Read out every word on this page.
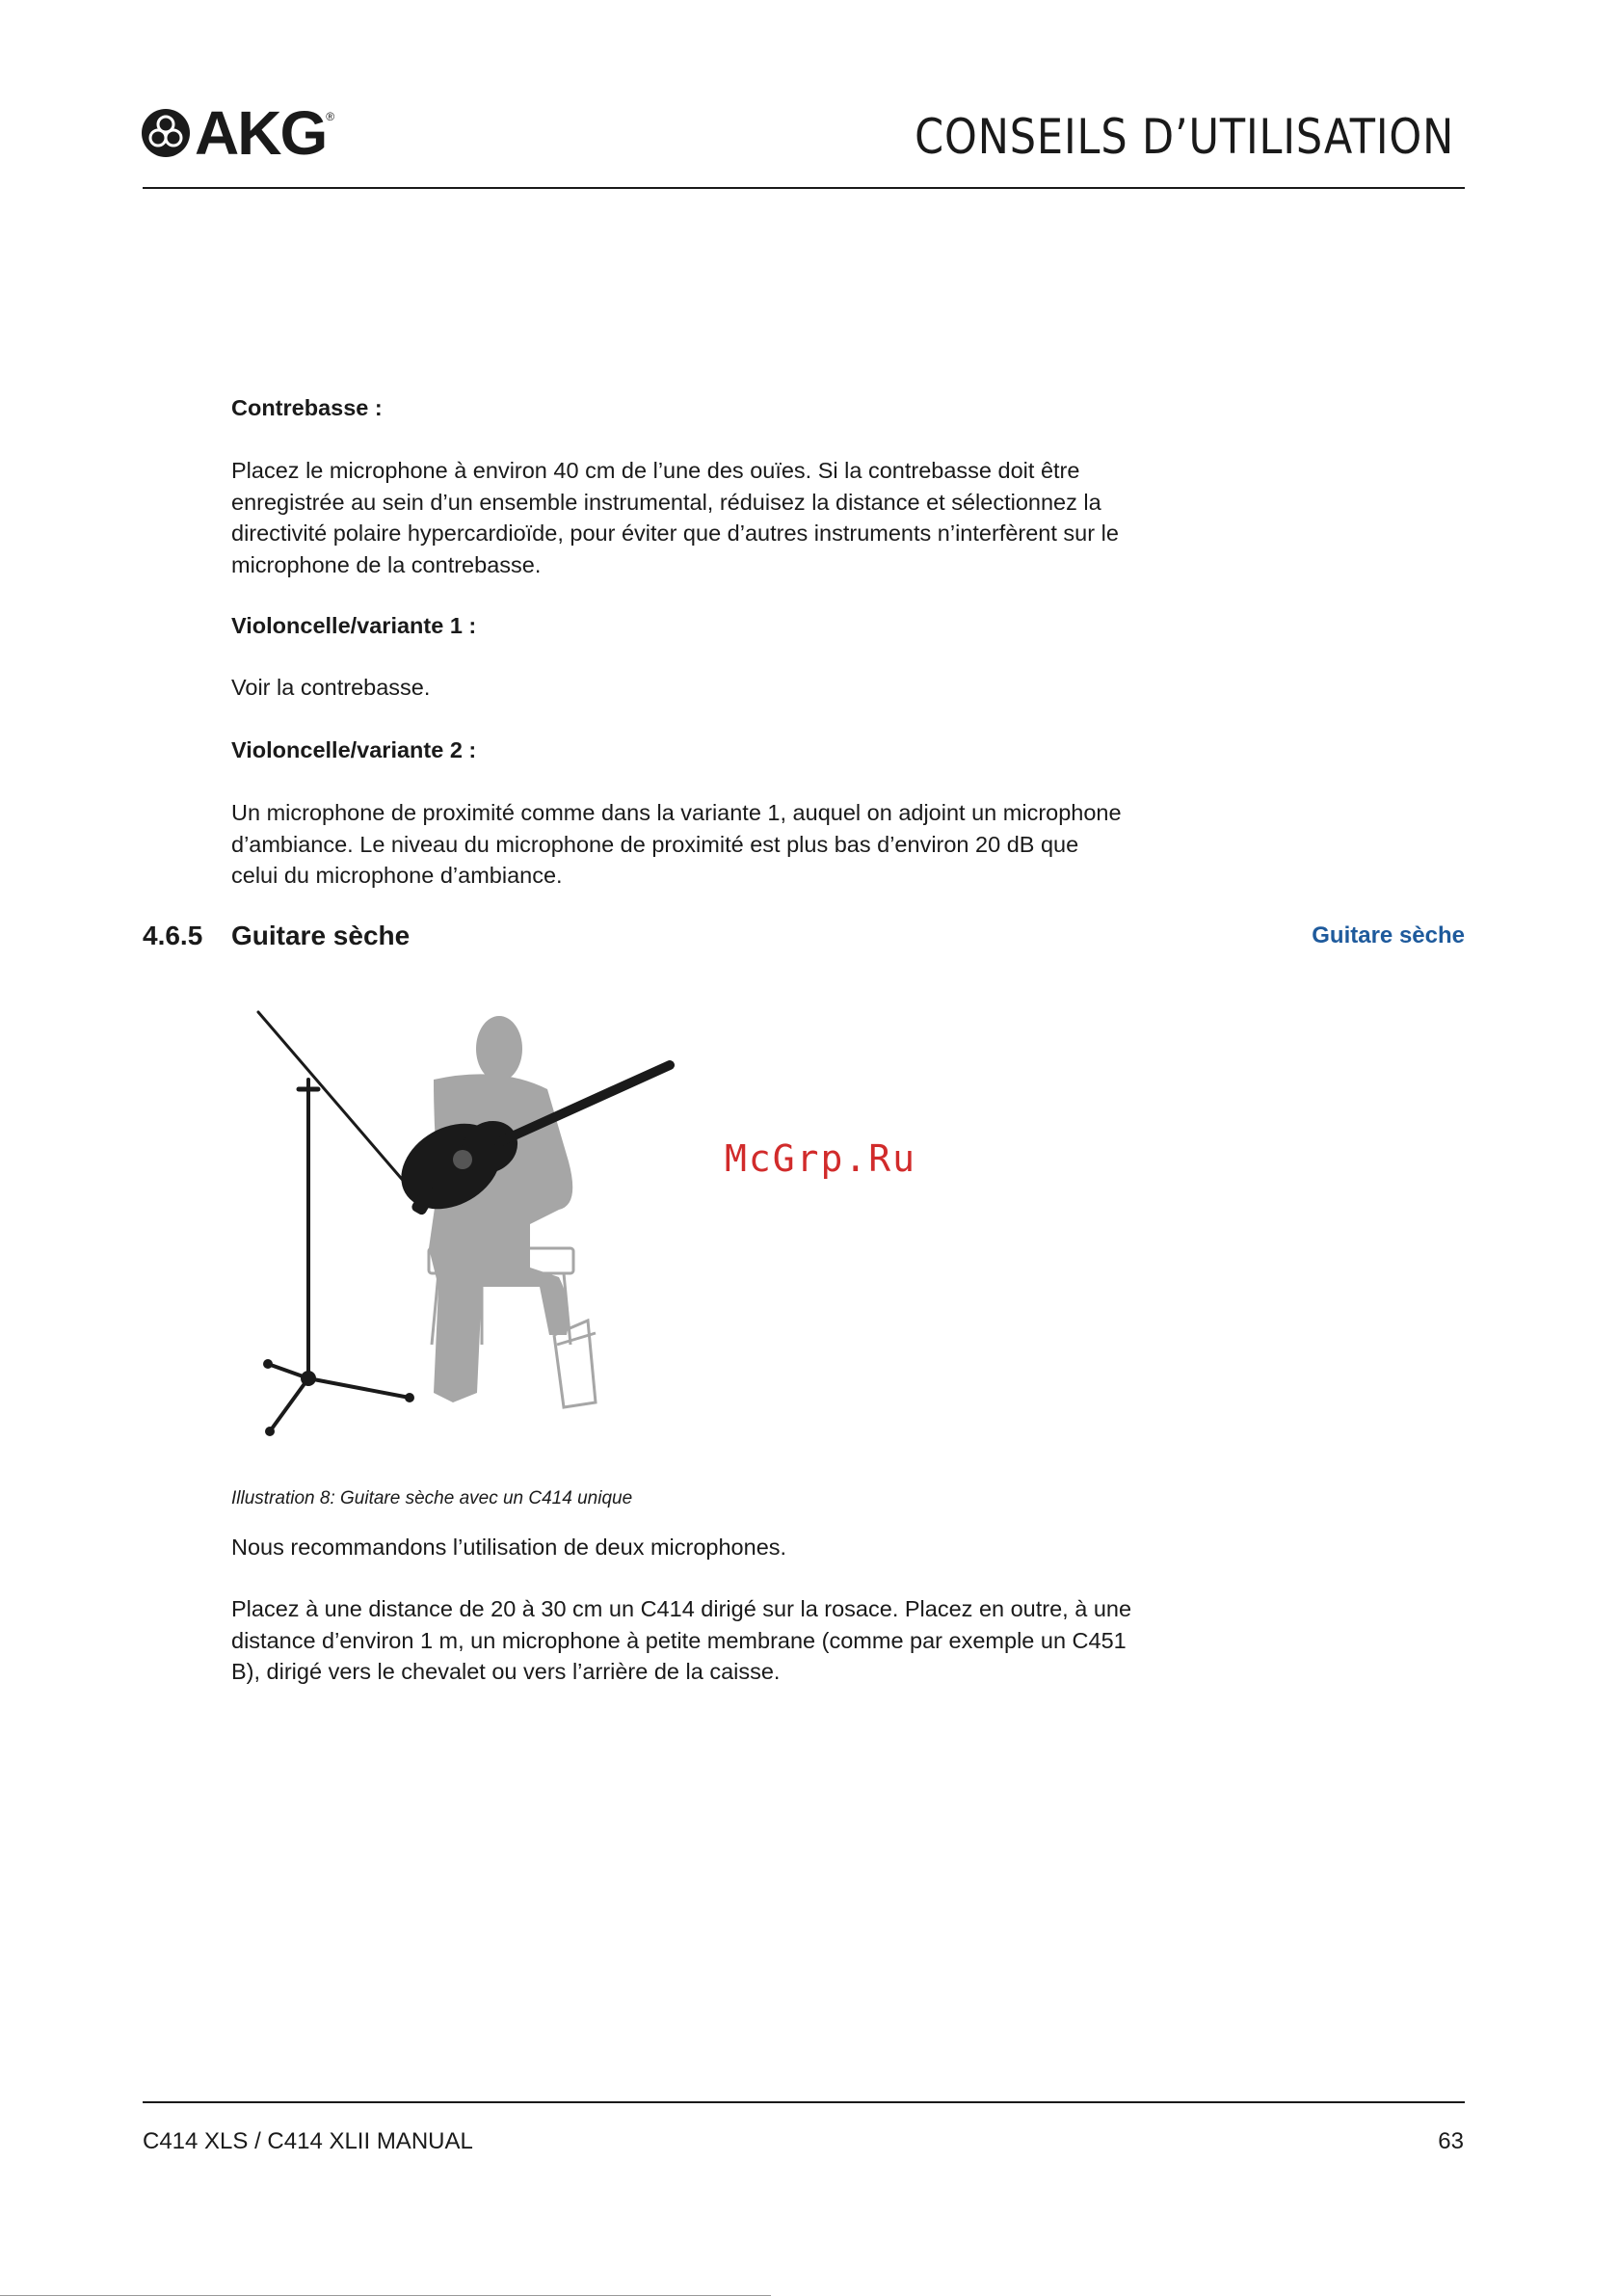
AKG ®	CONSEILS D’UTILISATION
Contrebasse :
Placez le microphone à environ 40 cm de l’une des ouïes. Si la contrebasse doit être
enregistrée au sein d’un ensemble instrumental, réduisez la distance et sélectionnez la
directivité polaire hypercardioïde, pour éviter que d’autres instruments n’interfèrent sur le
microphone de la contrebasse.
Violoncelle/variante 1 :
Voir la contrebasse.
Violoncelle/variante 2 :
Un microphone de proximité comme dans la variante 1, auquel on adjoint un microphone
d’ambiance. Le niveau du microphone de proximité est plus bas d’environ 20 dB que
celui du microphone d’ambiance.
4.6.5 Guitare sèche	Guitare sèche
McGrp.Ru
Illustration 8: Guitare sèche avec un C414 unique
Nous recommandons l’utilisation de deux microphones.
Placez à une distance de 20 à 30 cm un C414 dirigé sur la rosace. Placez en outre, à une
distance d’environ 1 m, un microphone à petite membrane (comme par exemple un C451
B), dirigé vers le chevalet ou vers l’arrière de la caisse.
C414 XLS / C414 XLII MANUAL	63
